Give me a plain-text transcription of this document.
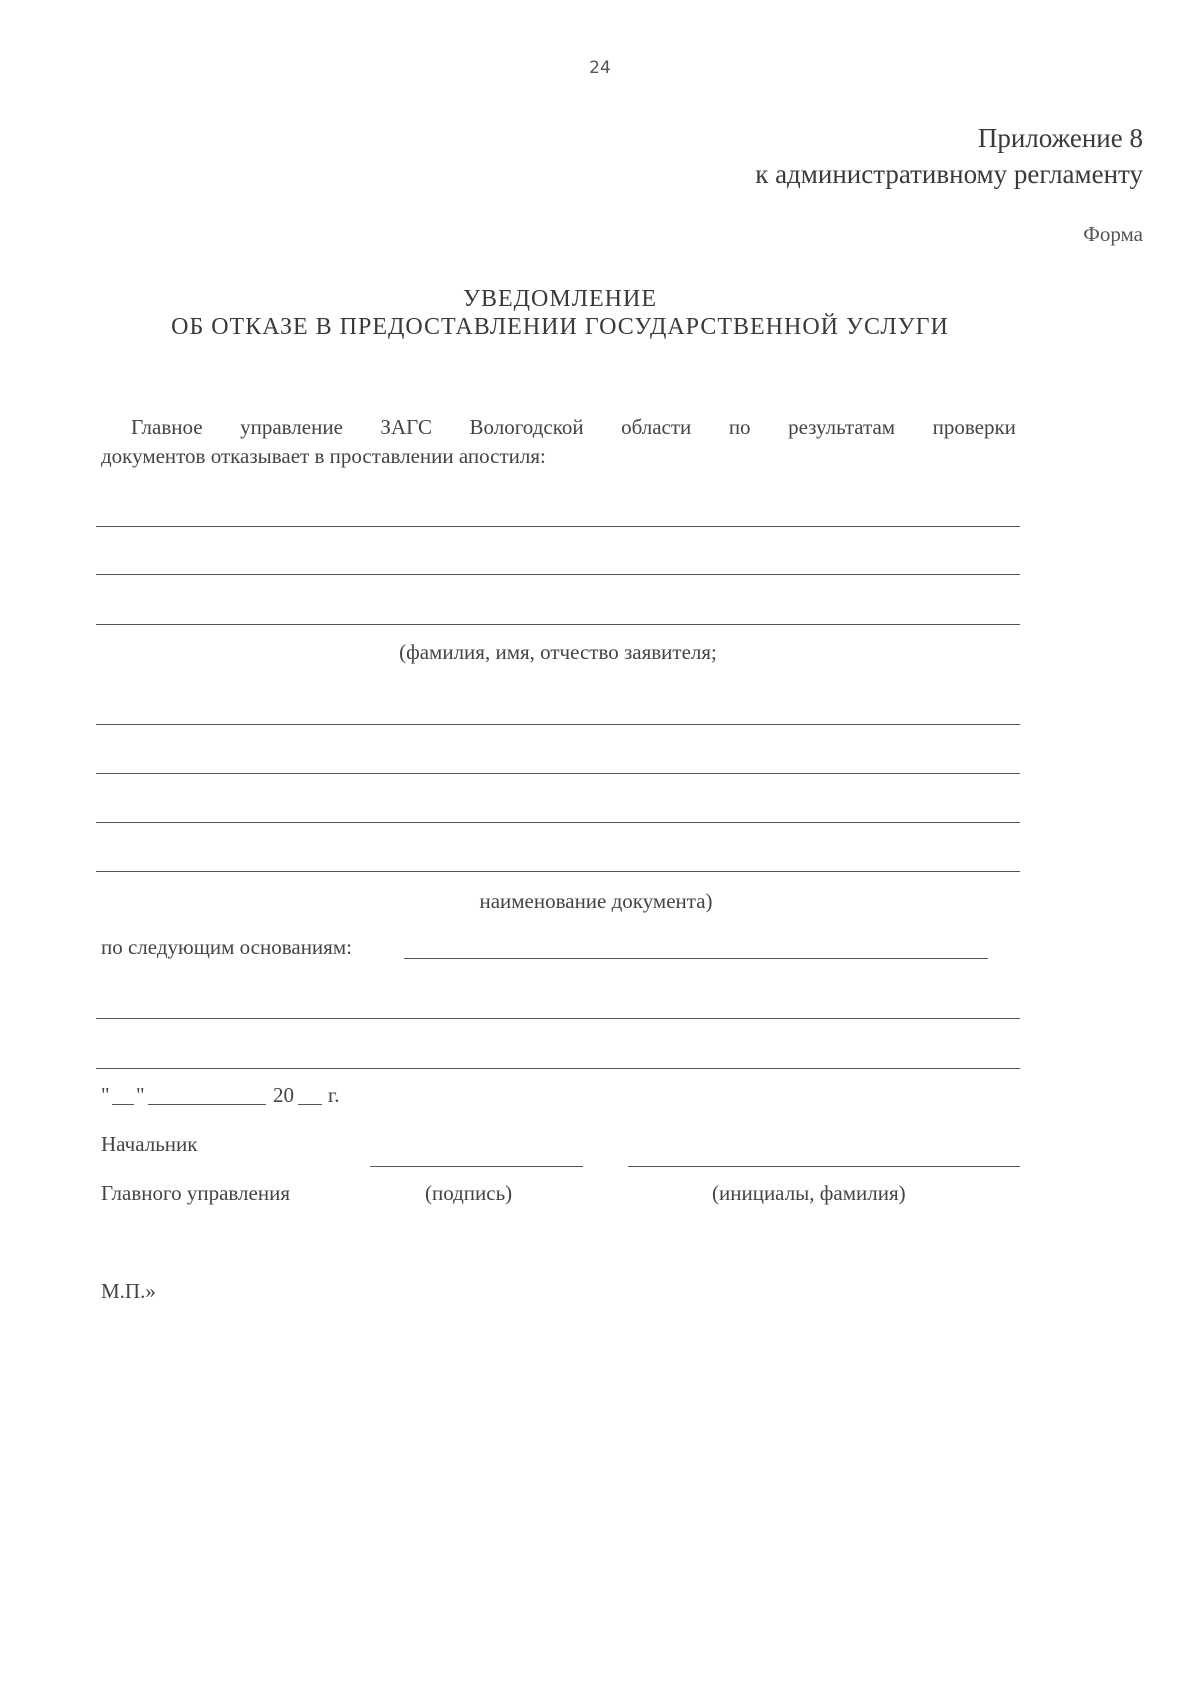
24
Приложение 8
к административному регламенту
Форма
УВЕДОМЛЕНИЕ
ОБ ОТКАЗЕ В ПРЕДОСТАВЛЕНИИ ГОСУДАРСТВЕННОЙ УСЛУГИ
Главное управление ЗАГС Вологодской области по результатам проверки
документов отказывает в проставлении апостиля:
(фамилия, имя, отчество заявителя;
наименование документа)
по следующим основаниям:
" "	20 г.
Начальник
Главного управления	(подпись)	(инициалы, фамилия)
М.П.»
